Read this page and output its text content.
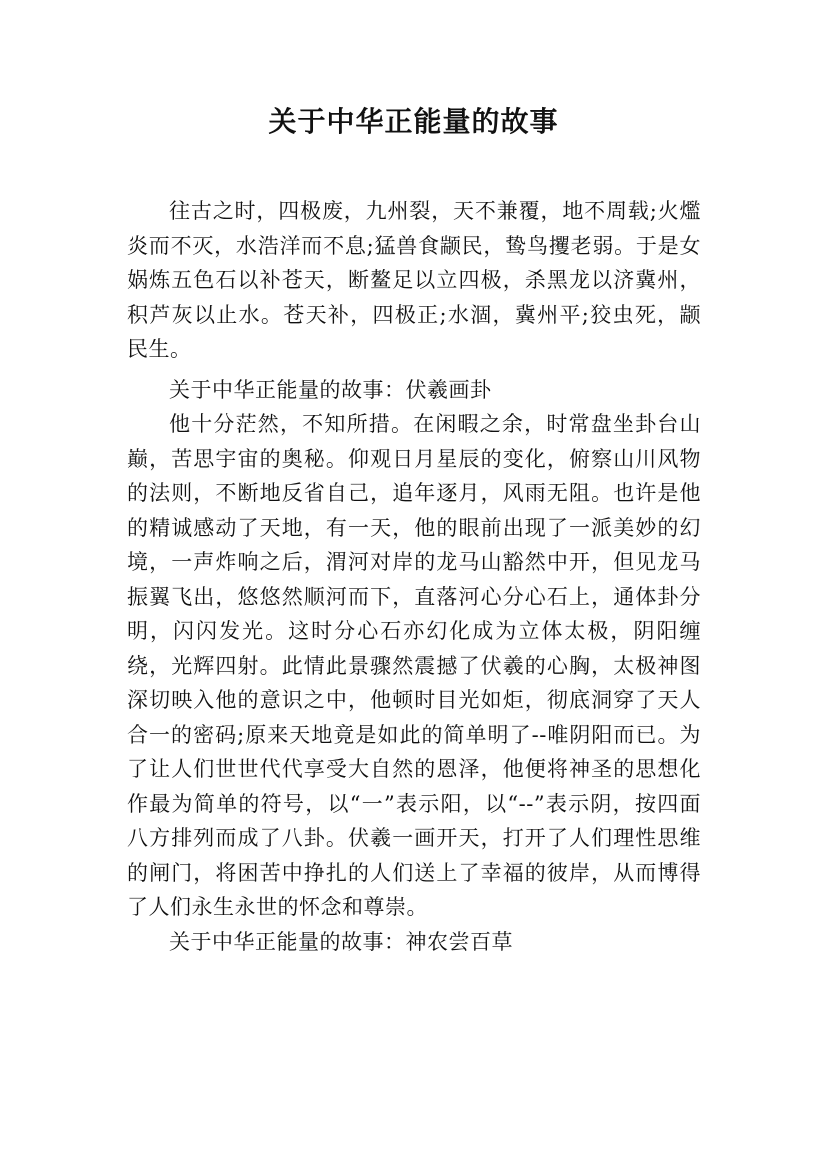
关于中华正能量的故事

往古之时，四极废，九州裂，天不兼覆，地不周载;火爁炎而不灭，水浩洋而不息;猛兽食颛民，鸷鸟攫老弱。于是女娲炼五色石以补苍天，断鳌足以立四极，杀黑龙以济冀州，积芦灰以止水。苍天补，四极正;水涸，冀州平;狡虫死，颛民生。

关于中华正能量的故事：伏羲画卦

他十分茫然，不知所措。在闲暇之余，时常盘坐卦台山巅，苦思宇宙的奥秘。仰观日月星辰的变化，俯察山川风物的法则，不断地反省自己，追年逐月，风雨无阻。也许是他的精诚感动了天地，有一天，他的眼前出现了一派美妙的幻境，一声炸响之后，渭河对岸的龙马山豁然中开，但见龙马振翼飞出，悠悠然顺河而下，直落河心分心石上，通体卦分明，闪闪发光。这时分心石亦幻化成为立体太极，阴阳缠绕，光辉四射。此情此景骤然震撼了伏羲的心胸，太极神图深切映入他的意识之中，他顿时目光如炬，彻底洞穿了天人合一的密码;原来天地竟是如此的简单明了--唯阴阳而已。为了让人们世世代代享受大自然的恩泽，他便将神圣的思想化作最为简单的符号，以“一”表示阳，以“--”表示阴，按四面八方排列而成了八卦。伏羲一画开天，打开了人们理性思维的闸门，将困苦中挣扎的人们送上了幸福的彼岸，从而博得了人们永生永世的怀念和尊崇。

关于中华正能量的故事：神农尝百草
